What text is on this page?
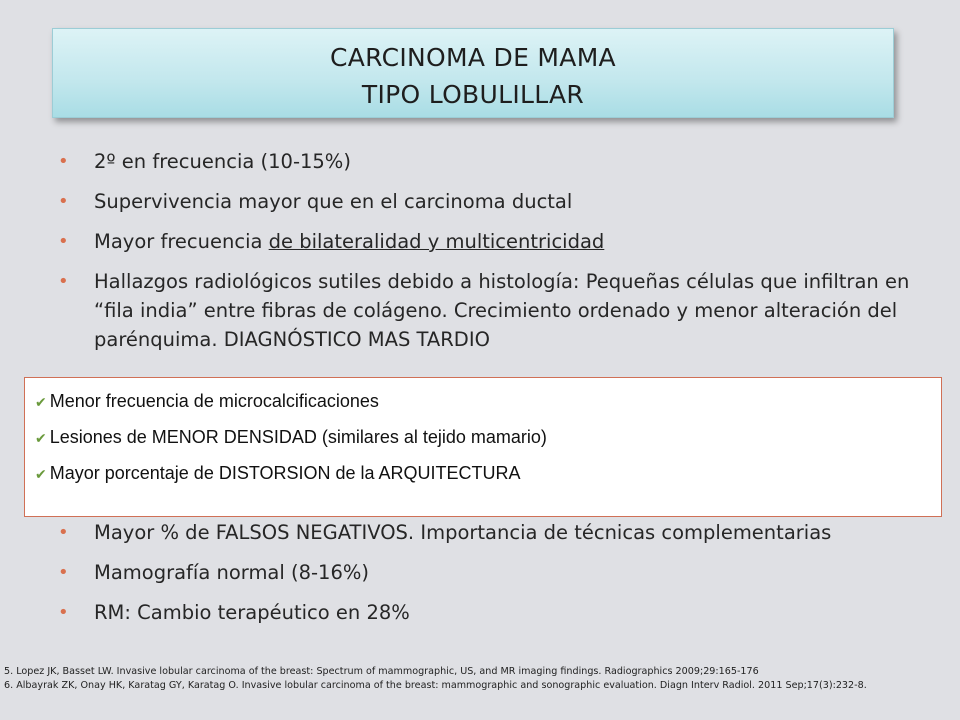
CARCINOMA DE MAMA
TIPO LOBULILLAR
• 2º en frecuencia (10-15%)
• Supervivencia mayor que en el carcinoma ductal
• Mayor frecuencia de bilateralidad y multicentricidad
• Hallazgos radiológicos sutiles debido a histología: Pequeñas células que infiltran en “fila india” entre fibras de colágeno. Crecimiento ordenado y menor alteración del parénquima. DIAGNÓSTICO MAS TARDIO
✔ Menor frecuencia de microcalcificaciones
✔ Lesiones de MENOR DENSIDAD (similares al tejido mamario)
✔ Mayor porcentaje de DISTORSION de la ARQUITECTURA
• Mayor % de FALSOS NEGATIVOS. Importancia de técnicas complementarias
• Mamografía normal (8-16%)
• RM: Cambio terapéutico en 28%
5. Lopez JK, Basset LW. Invasive lobular carcinoma of the breast: Spectrum of mammographic, US, and MR imaging findings. Radiographics 2009;29:165-176
6. Albayrak ZK, Onay HK, Karatag GY, Karatag O. Invasive lobular carcinoma of the breast: mammographic and sonographic evaluation. Diagn Interv Radiol. 2011 Sep;17(3):232-8.
